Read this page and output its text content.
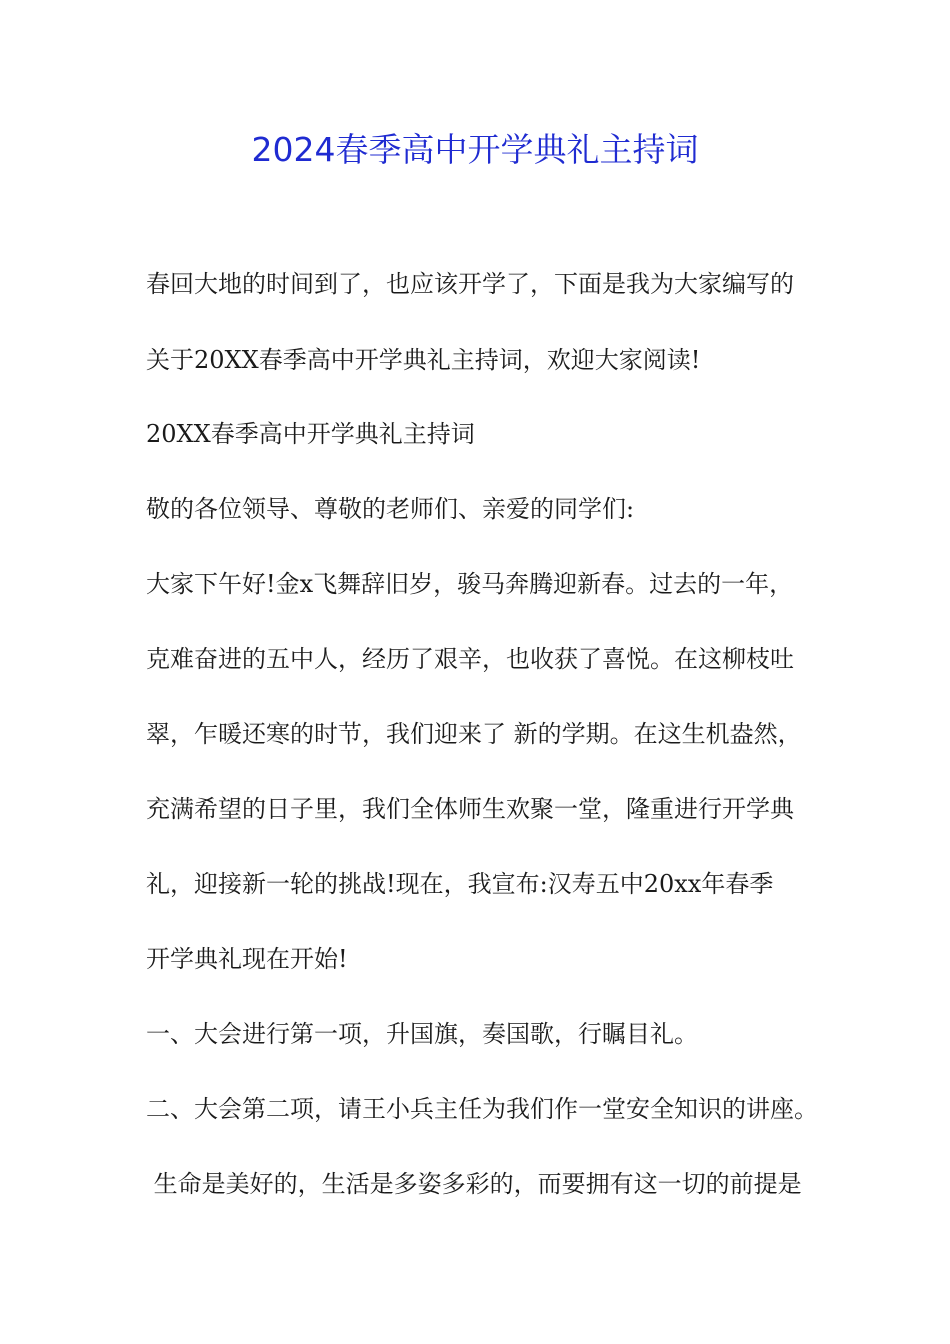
2024春季高中开学典礼主持词

春回大地的时间到了，也应该开学了，下面是我为大家编写的

关于20XX春季高中开学典礼主持词，欢迎大家阅读!

20XX春季高中开学典礼主持词

敬的各位领导、尊敬的老师们、亲爱的同学们:

大家下午好!金x飞舞辞旧岁，骏马奔腾迎新春。过去的一年，

克难奋进的五中人，经历了艰辛，也收获了喜悦。在这柳枝吐

翠，乍暖还寒的时节，我们迎来了 新的学期。在这生机盎然，

充满希望的日子里，我们全体师生欢聚一堂，隆重进行开学典

礼，迎接新一轮的挑战!现在，我宣布:汉寿五中20xx年春季

开学典礼现在开始!

一、大会进行第一项，升国旗，奏国歌，行瞩目礼。

二、大会第二项，请王小兵主任为我们作一堂安全知识的讲座。

生命是美好的，生活是多姿多彩的，而要拥有这一切的前提是
